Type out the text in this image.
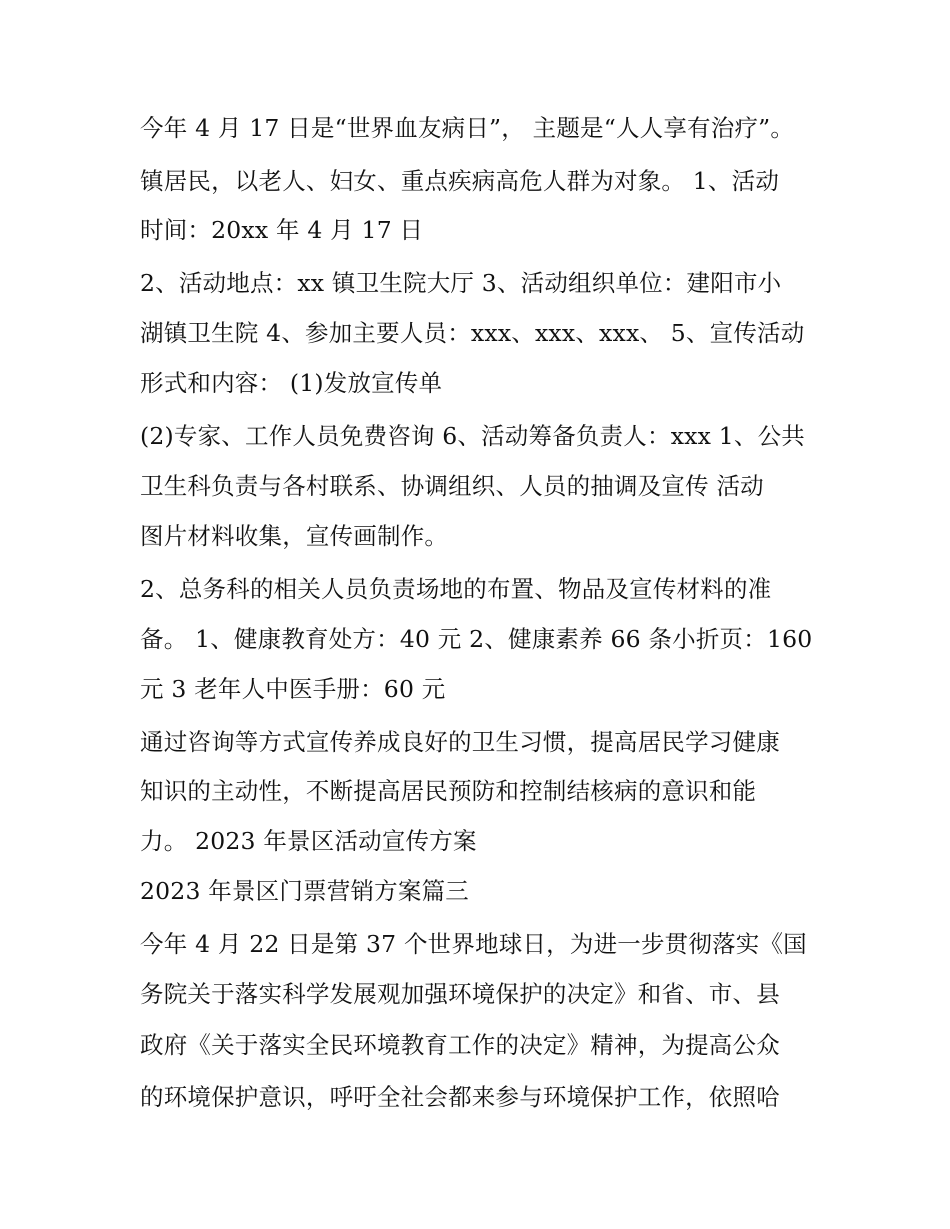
今年 4 月 17 日是“世界血友病日”， 主题是“人人享有治疗”。
镇居民，以老人、妇女、重点疾病高危人群为对象。 1、活动
时间：20xx 年 4 月 17 日
2、活动地点：xx 镇卫生院大厅 3、活动组织单位：建阳市小
湖镇卫生院 4、参加主要人员：xxx、xxx、xxx、 5、宣传活动
形式和内容： (1)发放宣传单
(2)专家、工作人员免费咨询 6、活动筹备负责人：xxx 1、公共
卫生科负责与各村联系、协调组织、人员的抽调及宣传 活动
图片材料收集，宣传画制作。
2、总务科的相关人员负责场地的布置、物品及宣传材料的准
备。 1、健康教育处方：40 元 2、健康素养 66 条小折页：160
元 3 老年人中医手册：60 元
通过咨询等方式宣传养成良好的卫生习惯，提高居民学习健康
知识的主动性，不断提高居民预防和控制结核病的意识和能
力。 2023 年景区活动宣传方案
2023 年景区门票营销方案篇三
今年 4 月 22 日是第 37 个世界地球日，为进一步贯彻落实《国
务院关于落实科学发展观加强环境保护的决定》和省、市、县
政府《关于落实全民环境教育工作的决定》精神，为提高公众
的环境保护意识，呼吁全社会都来参与环境保护工作，依照哈
